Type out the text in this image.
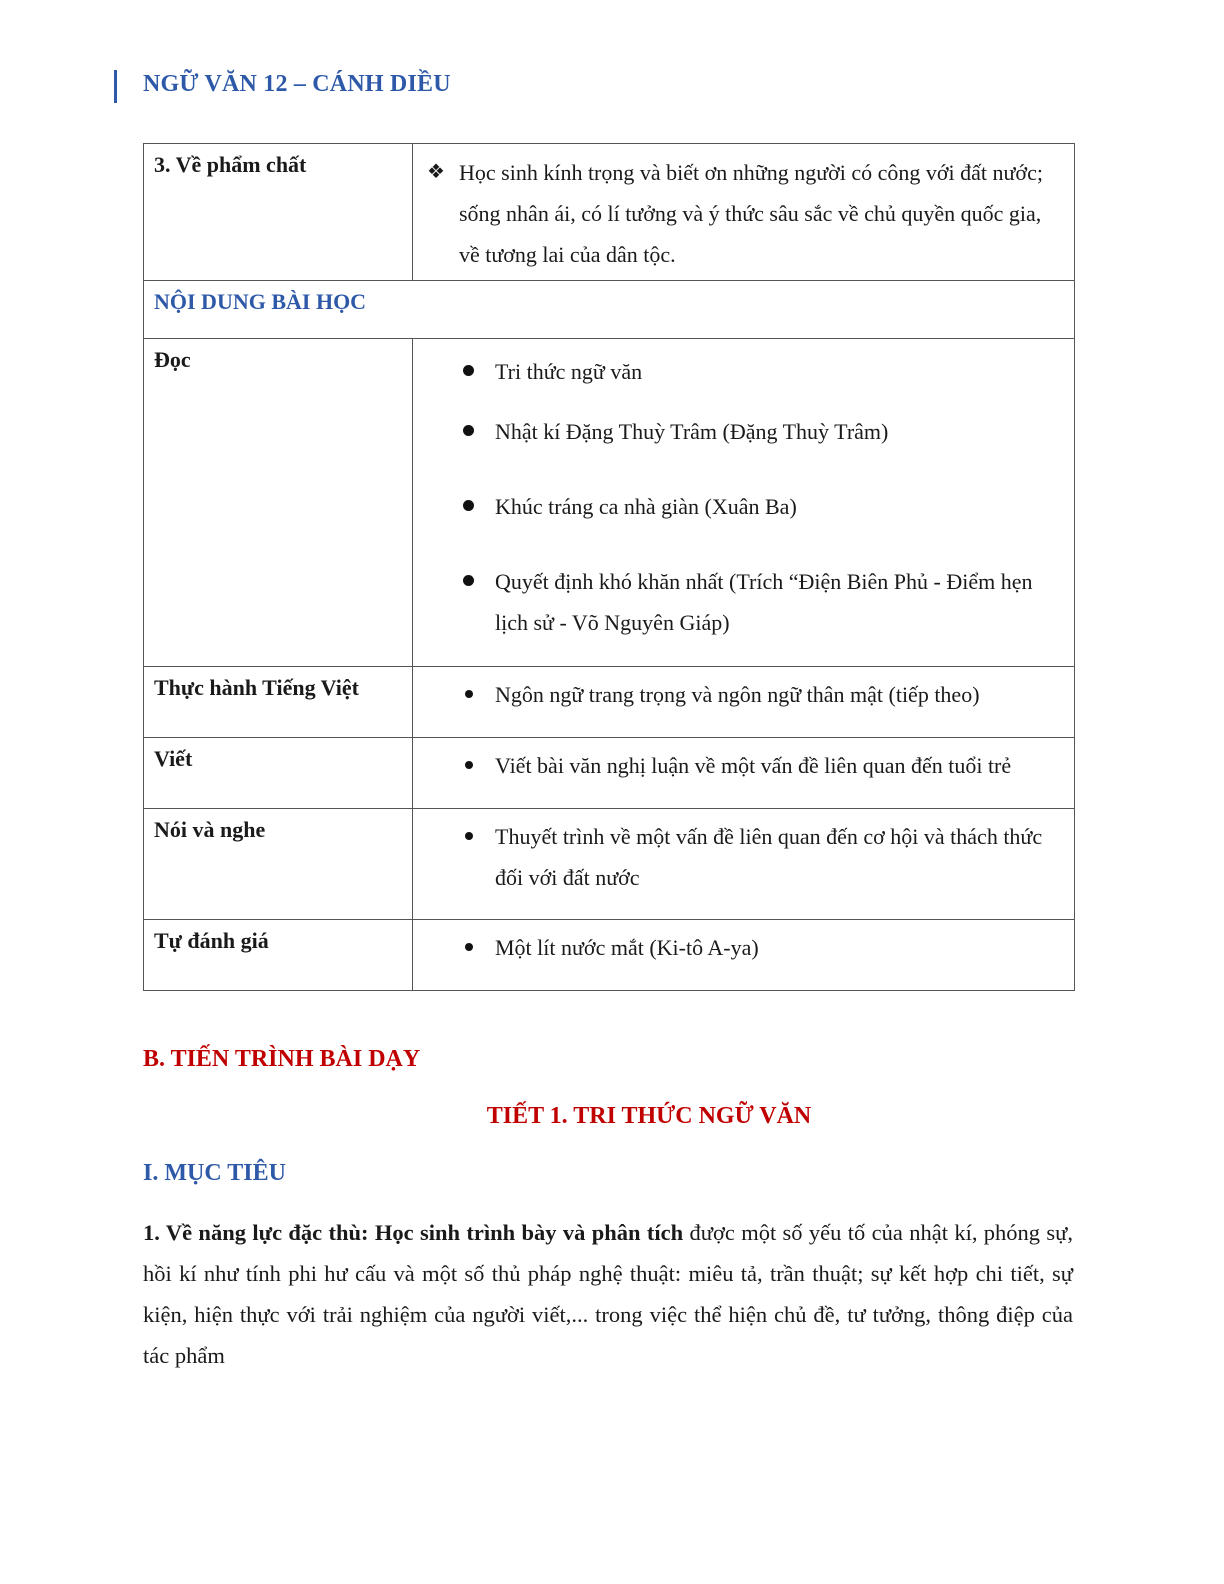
NGỮ VĂN 12 – CÁNH DIỀU
3. Về phẩm chất	❖ Học sinh kính trọng và biết ơn những người có công với đất nước; sống nhân ái, có lí tưởng và ý thức sâu sắc về chủ quyền quốc gia, về tương lai của dân tộc.

NỘI DUNG BÀI HỌC	
Đọc	Tri thức ngữ văn
Nhật kí Đặng Thuỳ Trâm (Đặng Thuỳ Trâm)
Khúc tráng ca nhà giàn (Xuân Ba)
Quyết định khó khăn nhất (Trích “Điện Biên Phủ - Điểm hẹn lịch sử - Võ Nguyên Giáp)

Thực hành Tiếng Việt	Ngôn ngữ trang trọng và ngôn ngữ thân mật (tiếp theo)

Viết	Viết bài văn nghị luận về một vấn đề liên quan đến tuổi trẻ

Nói và nghe	Thuyết trình về một vấn đề liên quan đến cơ hội và thách thức đối với đất nước

Tự đánh giá	Một lít nước mắt (Ki-tô A-ya)
B. TIẾN TRÌNH BÀI DẠY
TIẾT 1. TRI THỨC NGỮ VĂN
I. MỤC TIÊU
1. Về năng lực đặc thù: Học sinh trình bày và phân tích được một số yếu tố của nhật kí, phóng sự, hồi kí như tính phi hư cấu và một số thủ pháp nghệ thuật: miêu tả, trần thuật; sự kết hợp chi tiết, sự kiện, hiện thực với trải nghiệm của người viết,... trong việc thể hiện chủ đề, tư tưởng, thông điệp của tác phẩm
